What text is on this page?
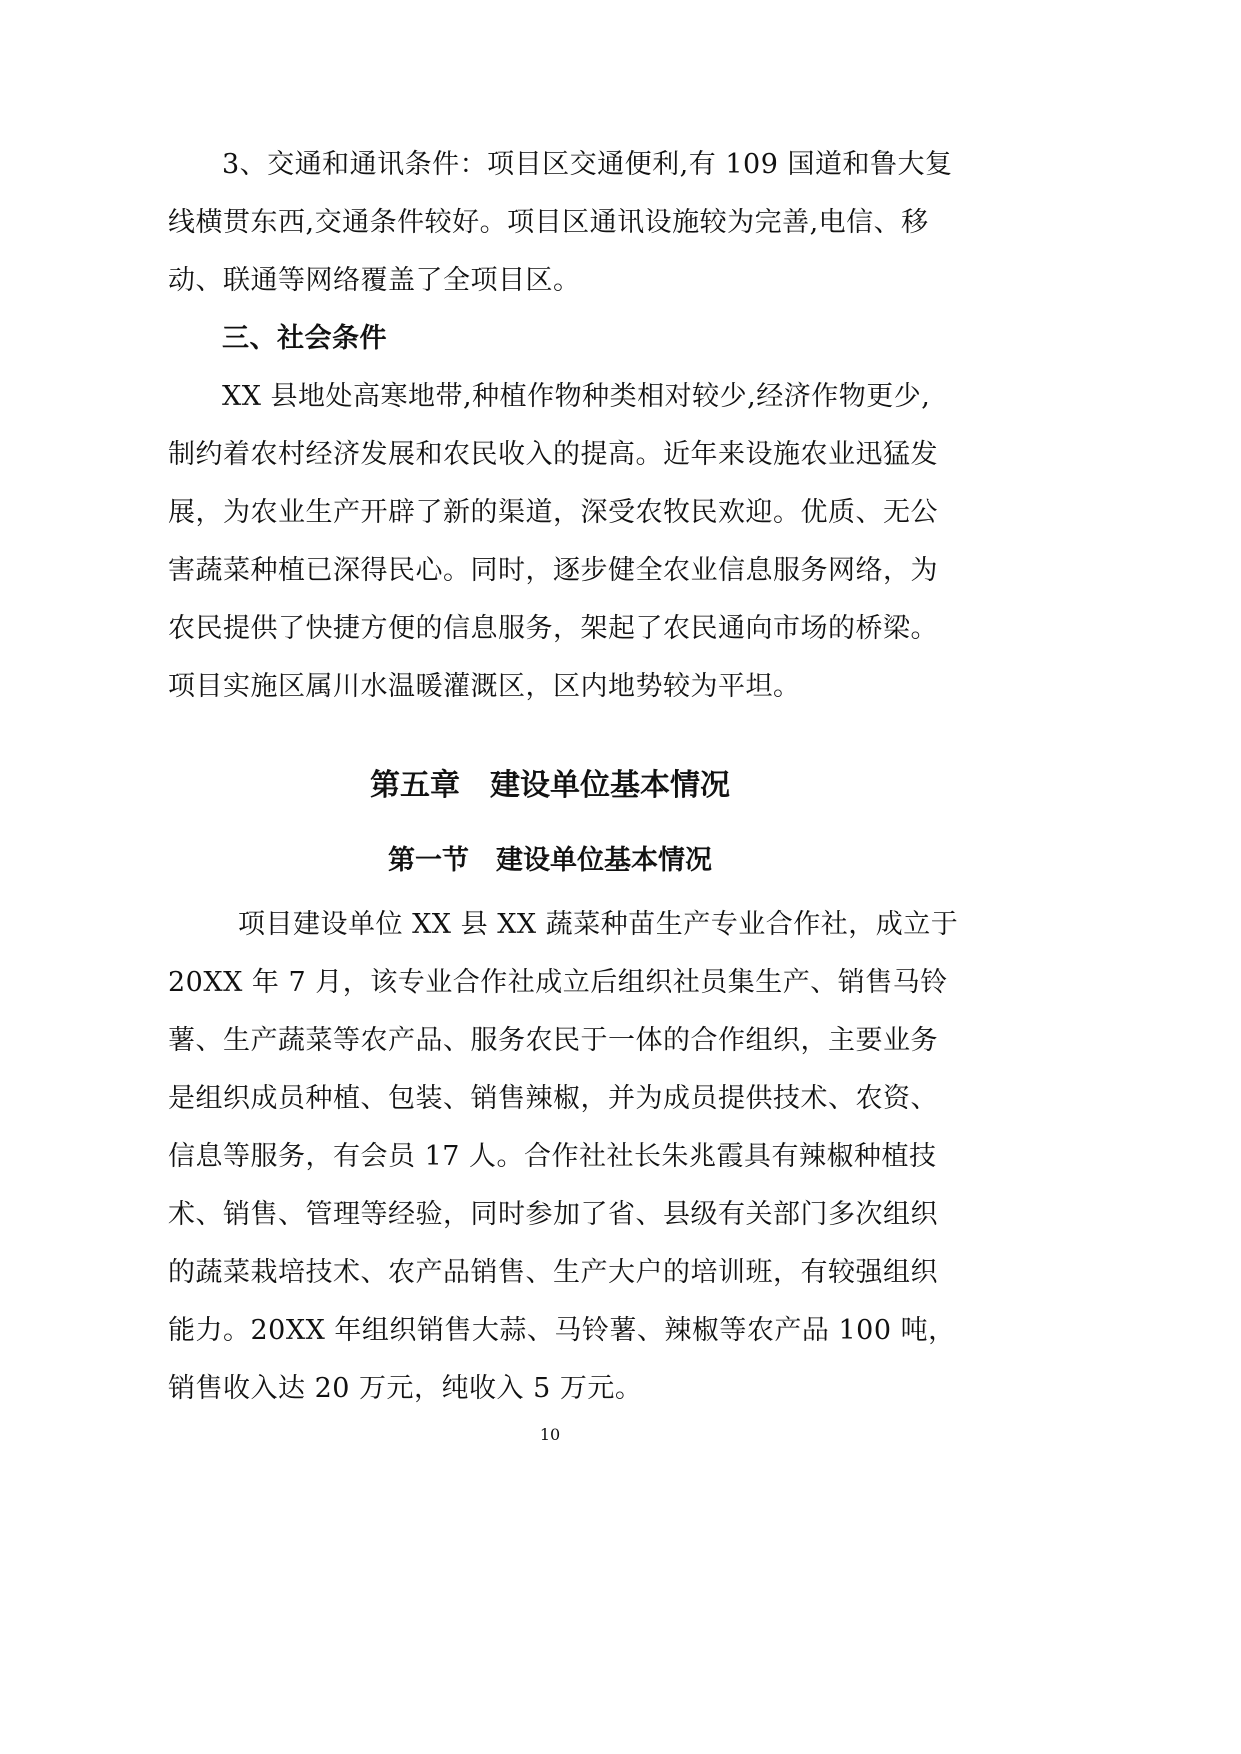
3、交通和通讯条件：项目区交通便利,有 109 国道和鲁大复
线横贯东西,交通条件较好。项目区通讯设施较为完善,电信、移
动、联通等网络覆盖了全项目区。
三、社会条件
XX 县地处高寒地带,种植作物种类相对较少,经济作物更少,
制约着农村经济发展和农民收入的提高。近年来设施农业迅猛发
展，为农业生产开辟了新的渠道，深受农牧民欢迎。优质、无公
害蔬菜种植已深得民心。同时，逐步健全农业信息服务网络，为
农民提供了快捷方便的信息服务，架起了农民通向市场的桥梁。
项目实施区属川水温暖灌溉区，区内地势较为平坦。
第五章　建设单位基本情况
第一节　建设单位基本情况
项目建设单位 XX 县 XX 蔬菜种苗生产专业合作社，成立于
20XX 年 7 月，该专业合作社成立后组织社员集生产、销售马铃
薯、生产蔬菜等农产品、服务农民于一体的合作组织，主要业务
是组织成员种植、包装、销售辣椒，并为成员提供技术、农资、
信息等服务，有会员 17 人。合作社社长朱兆霞具有辣椒种植技
术、销售、管理等经验，同时参加了省、县级有关部门多次组织
的蔬菜栽培技术、农产品销售、生产大户的培训班，有较强组织
能力。20XX 年组织销售大蒜、马铃薯、辣椒等农产品 100 吨，
销售收入达 20 万元，纯收入 5 万元。
10
